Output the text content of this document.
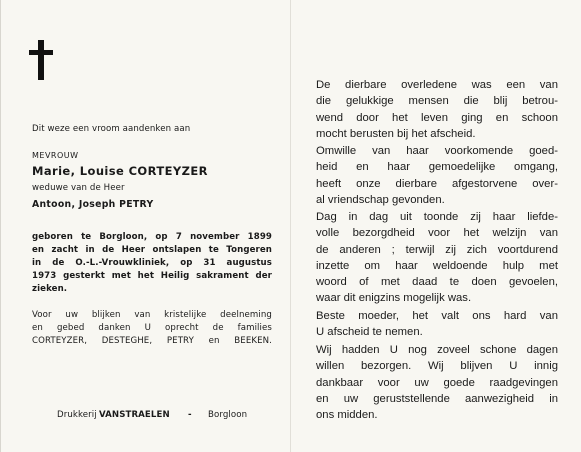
Dit weze een vroom aandenken aan
MEVROUW
Marie, Louise CORTEYZER
weduwe van de Heer
Antoon, Joseph PETRY
geboren te Borgloon, op 7 november 1899
en zacht in de Heer ontslapen te Tongeren
in de O.-L.-Vrouwkliniek, op 31 augustus
1973 gesterkt met het Heilig sakrament der
zieken.
Voor uw blijken van kristelijke deelneming
en gebed danken U oprecht de families
CORTEYZER, DESTEGHE, PETRY en BEEKEN.
Drukkerij VANSTRAELEN - Borgloon
De dierbare overledene was een van
die gelukkige mensen die blij betrou-
wend door het leven ging en schoon
mocht berusten bij het afscheid.
Omwille van haar voorkomende goed-
heid en haar gemoedelijke omgang,
heeft onze dierbare afgestorvene over-
al vriendschap gevonden.
Dag in dag uit toonde zij haar liefde-
volle bezorgdheid voor het welzijn van
de anderen ; terwijl zij zich voortdurend
inzette om haar weldoende hulp met
woord of met daad te doen gevoelen,
waar dit enigzins mogelijk was.
Beste moeder, het valt ons hard van
U afscheid te nemen.
Wij hadden U nog zoveel schone dagen
willen bezorgen. Wij blijven U innig
dankbaar voor uw goede raadgevingen
en uw geruststellende aanwezigheid in
ons midden.
